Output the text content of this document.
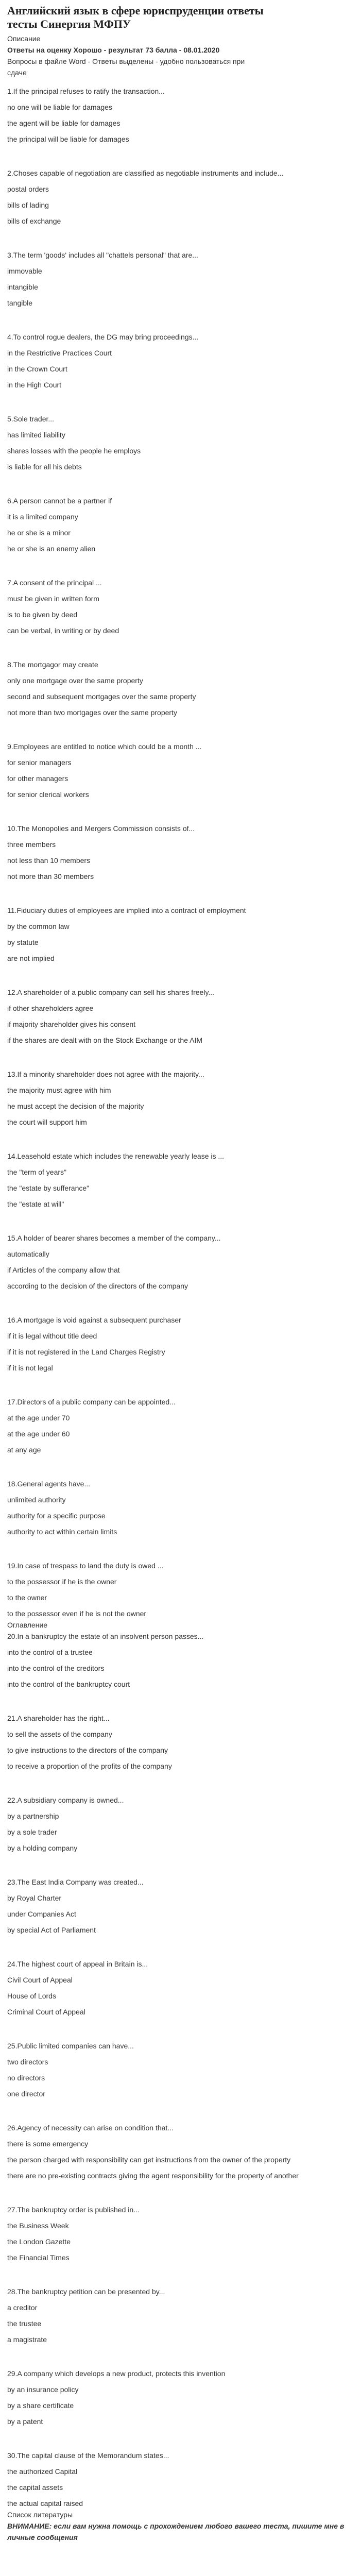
Английский язык в сфере юриспруденции ответы
тесты Синергия МФПУ
Описание
Ответы на оценку Хорошо - результат 73 балла - 08.01.2020
Вопросы в файле Word - Ответы выделены - удобно пользоваться при
сдаче
1.If the principal refuses to ratify the transaction...
no one will be liable for damages
the agent will be liable for damages
the principal will be liable for damages
2.Choses capable of negotiation are classified as negotiable instruments and include...
postal orders
bills of lading
bills of exchange
3.The term 'goods' includes all "chattels personal" that are...
immovable
intangible
tangible
4.To control rogue dealers, the DG may bring proceedings...
in the Restrictive Practices Court
in the Crown Court
in the High Court
5.Sole trader...
has limited liability
shares losses with the people he employs
is liable for all his debts
6.A person cannot be a partner if
it is a limited company
he or she is a minor
he or she is an enemy alien
7.A consent of the principal ...
must be given in written form
is to be given by deed
can be verbal, in writing or by deed
8.The mortgagor may create
only one mortgage over the same property
second and subsequent mortgages over the same property
not more than two mortgages over the same property
9.Employees are entitled to notice which could be a month ...
for senior managers
for other managers
for senior clerical workers
10.The Monopolies and Mergers Commission consists of...
three members
not less than 10 members
not more than 30 members
11.Fiduciary duties of employees are implied into a contract of employment
by the common law
by statute
are not implied
12.A shareholder of a public company can sell his shares freely...
if other shareholders agree
if majority shareholder gives his consent
if the shares are dealt with on the Stock Exchange or the AIM
13.If a minority shareholder does not agree with the majority...
the majority must agree with him
he must accept the decision of the majority
the court will support him
14.Leasehold estate which includes the renewable yearly lease is ...
the "term of years"
the "estate by sufferance"
the "estate at will"
15.A holder of bearer shares becomes a member of the company...
automatically
if Articles of the company allow that
according to the decision of the directors of the company
16.A mortgage is void against a subsequent purchaser
if it is legal without title deed
if it is not registered in the Land Charges Registry
if it is not legal
17.Directors of a public company can be appointed...
at the age under 70
at the age under 60
at any age
18.General agents have...
unlimited authority
authority for a specific purpose
authority to act within certain limits
19.In case of trespass to land the duty is owed ...
to the possessor if he is the owner
to the owner
to the possessor even if he is not the owner
Оглавление
20.In a bankruptcy the estate of an insolvent person passes...
into the control of a trustee
into the control of the creditors
into the control of the bankruptcy court
21.A shareholder has the right...
to sell the assets of the company
to give instructions to the directors of the company
to receive a proportion of the profits of the company
22.A subsidiary company is owned...
by a partnership
by a sole trader
by a holding company
23.The East India Company was created...
by Royal Charter
under Companies Act
by special Act of Parliament
24.The highest court of appeal in Britain is...
Civil Court of Appeal
House of Lords
Criminal Court of Appeal
25.Public limited companies can have...
two directors
no directors
one director
26.Agency of necessity can arise on condition that...
there is some emergency
the person charged with responsibility can get instructions from the owner of the property
there are no pre-existing contracts giving the agent responsibility for the property of another
27.The bankruptcy order is published in...
the Business Week
the London Gazette
the Financial Times
28.The bankruptcy petition can be presented by...
a creditor
the trustee
a magistrate
29.A company which develops a new product, protects this invention
by an insurance policy
by a share certificate
by a patent
30.The capital clause of the Memorandum states...
the authorized Capital
the capital assets
the actual capital raised
Список литературы
ВНИМАНИЕ: если вам нужна помощь с прохождением любого вашего теста, пишите мне в личные сообщения
